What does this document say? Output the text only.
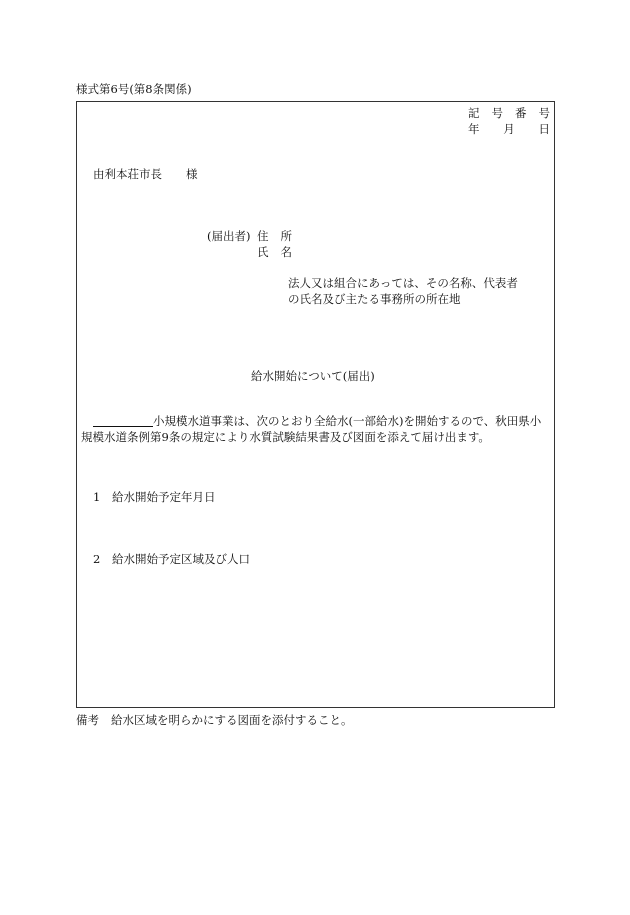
様式第6号(第8条関係)
記 号 番 号
年 月 日
由利本荘市長 様
(届出者) 住 所
氏 名
法人又は組合にあっては、その名称、代表者
の氏名及び主たる事務所の所在地
給水開始について(届出)
小規模水道事業は、次のとおり全給水(一部給水)を開始するので、秋田県小
規模水道条例第9条の規定により水質試験結果書及び図面を添えて届け出ます。
1 給水開始予定年月日
2 給水開始予定区域及び人口
備考 給水区域を明らかにする図面を添付すること。
